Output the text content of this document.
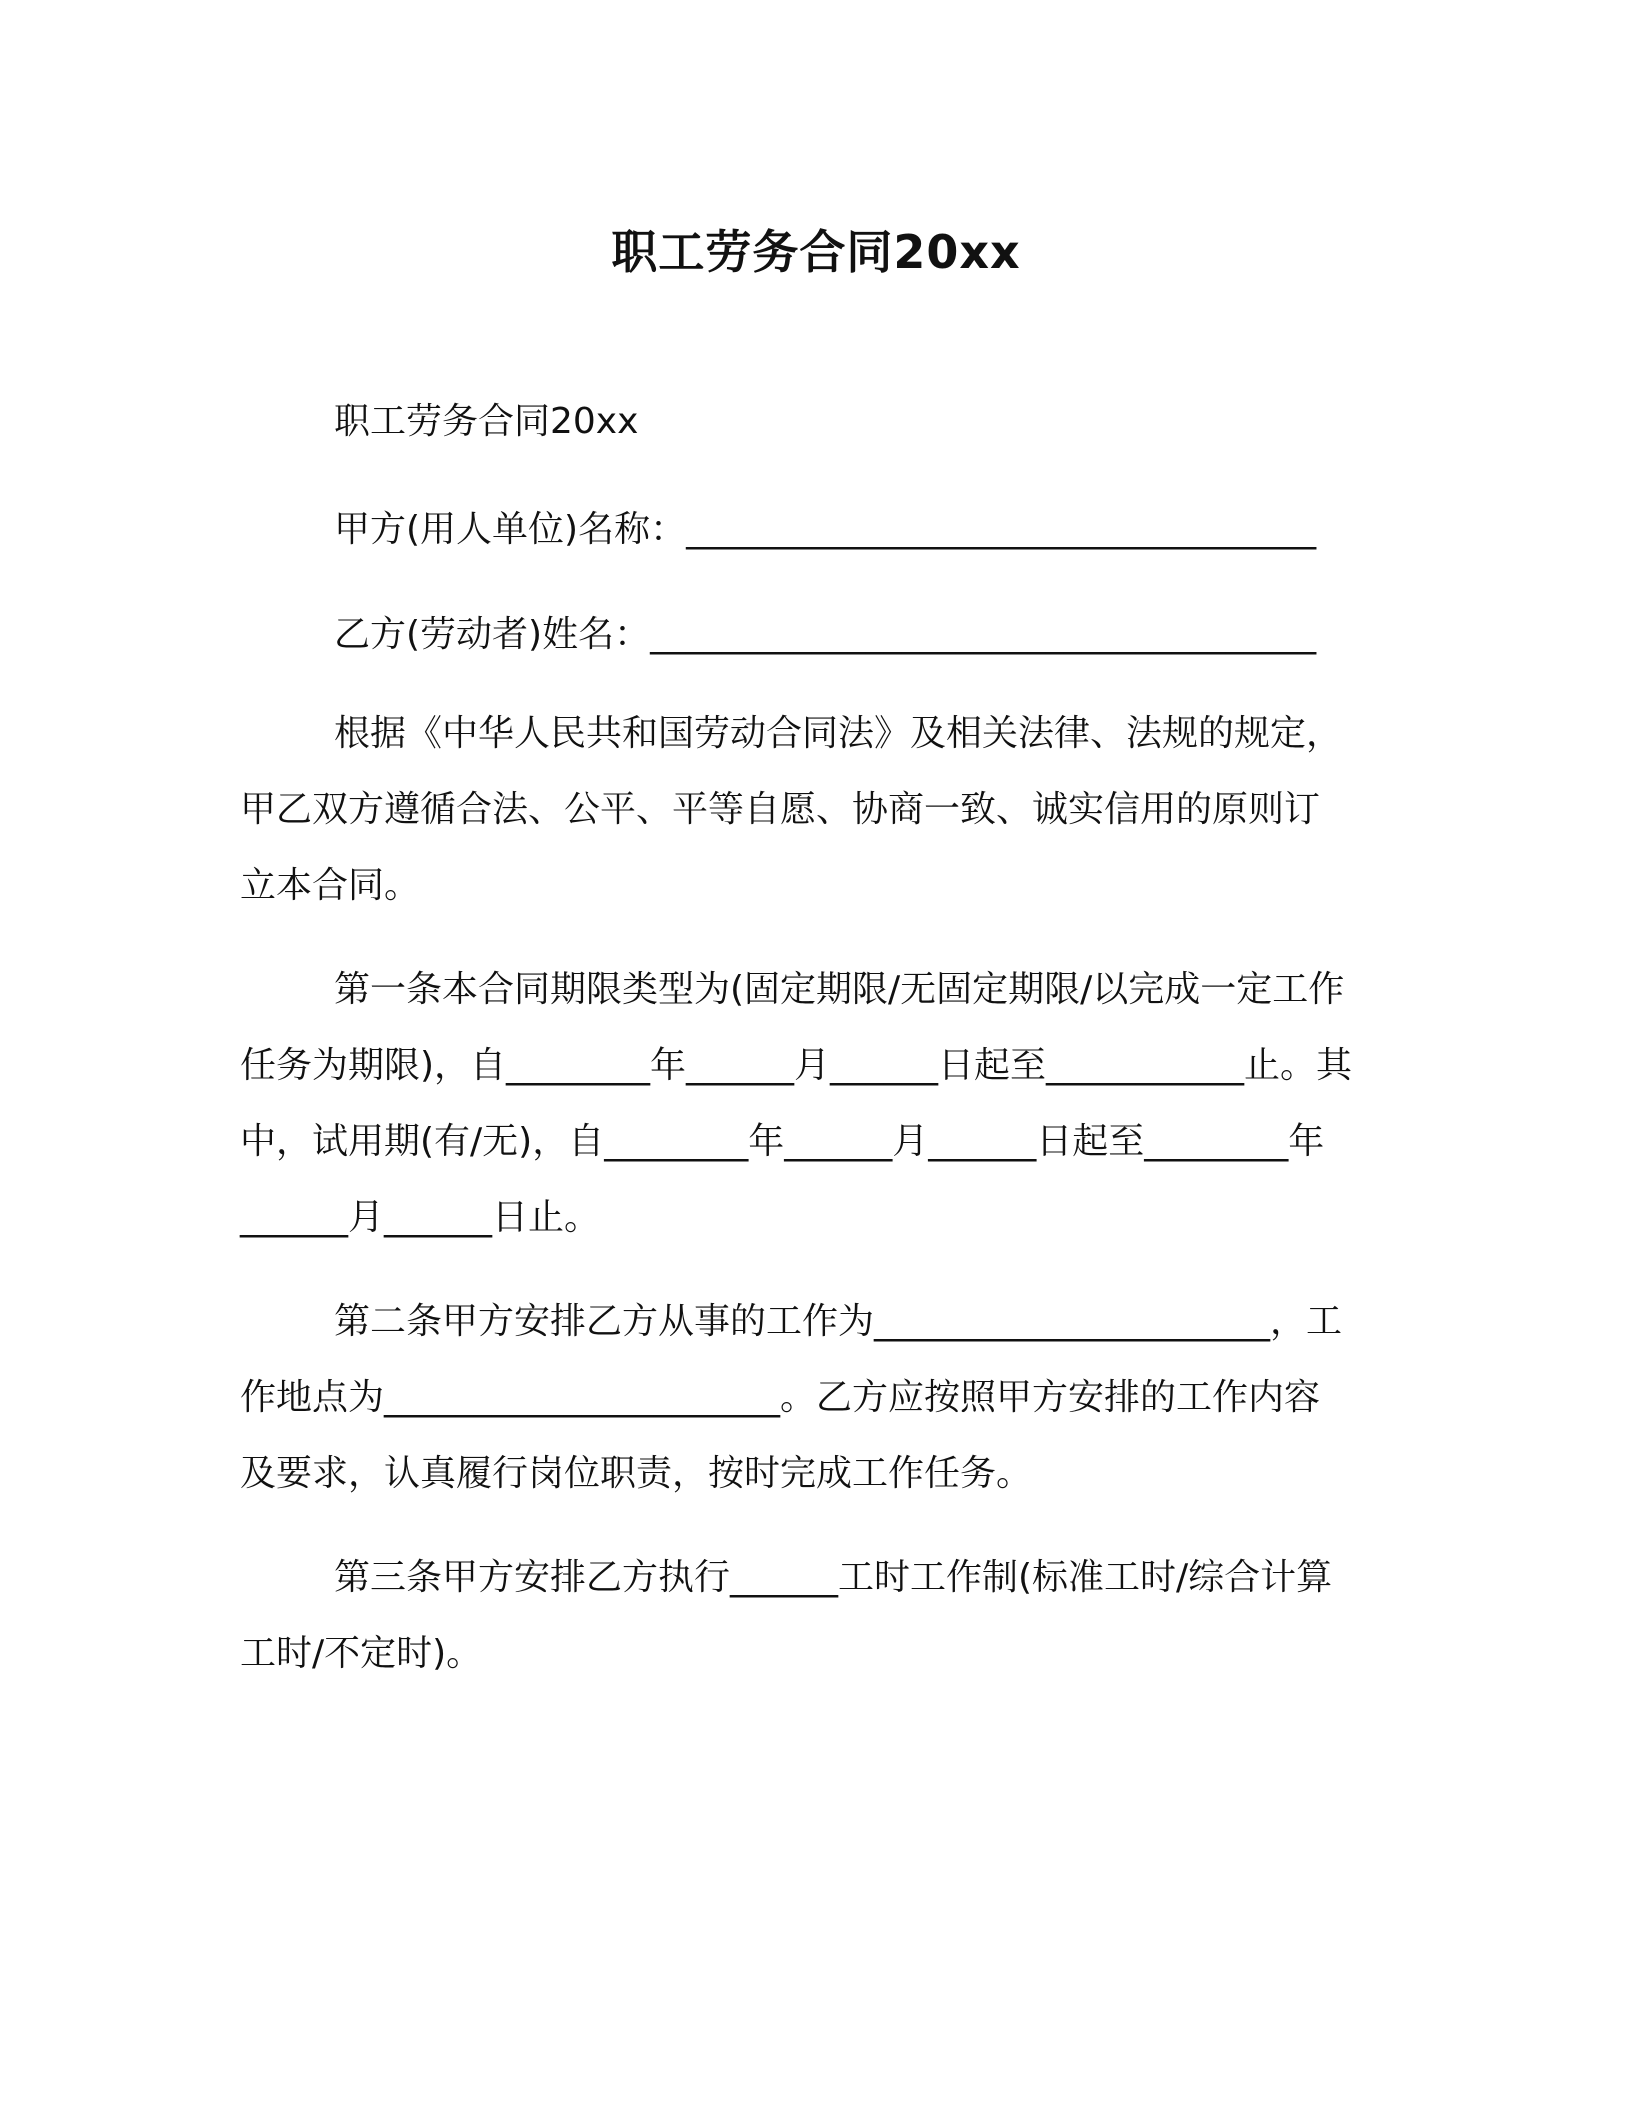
职工劳务合同20xx
职工劳务合同20xx
甲方(用人单位)名称：___________________________________
乙方(劳动者)姓名：_____________________________________
根据《中华人民共和国劳动合同法》及相关法律、法规的规定，
甲乙双方遵循合法、公平、平等自愿、协商一致、诚实信用的原则订
立本合同。
第一条本合同期限类型为(固定期限/无固定期限/以完成一定工作
任务为期限)，自________年______月______日起至___________止。其
中，试用期(有/无)，自________年______月______日起至________年
______月______日止。
第二条甲方安排乙方从事的工作为______________________，工
作地点为______________________。乙方应按照甲方安排的工作内容
及要求，认真履行岗位职责，按时完成工作任务。
第三条甲方安排乙方执行______工时工作制(标准工时/综合计算
工时/不定时)。
